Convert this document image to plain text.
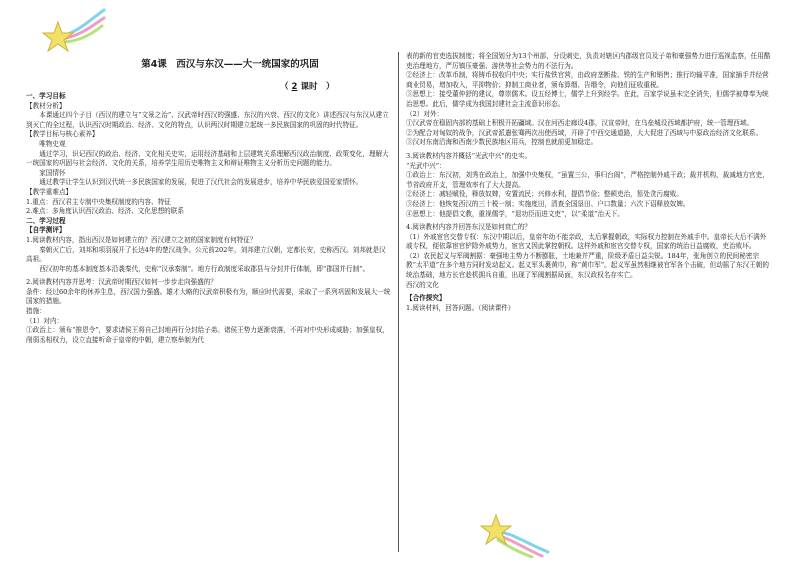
第4课　西汉与东汉——大一统国家的巩固
（ 2 课时　）

一、学习目标

【教材分析】

本课通过四个子目（西汉的建立与“文景之治”、汉武帝时西汉的强盛、东汉的兴衰、西汉的文化）讲述西汉与东汉从建立到灭亡的全过程，认识西汉时期政治、经济、文化的特点，认识两汉时期建立起统一多民族国家的巩固的时代特征。

【教学目标与核心素养】

唯物史观

通过学习，识记西汉的政治、经济、文化相关史实，运用经济基础和上层建筑关系理解西汉政治制度、政策变化，理解大一统国家的巩固与社会经济、文化的关系，培养学生用历史唯物主义和辩证唯物主义分析历史问题的能力。

家国情怀

通过教学让学生认识到汉代统一多民族国家的发展，促进了汉代社会的发展进步，培养中华民族爱国爱家情怀。

【教学重难点】

1.重点：西汉君主专制中央集权制度的内容、特征

2.难点：多角度认识西汉政治、经济、文化思想的联系

二、学习过程

【自学测评】

1.阅读教材内容，指出西汉是如何建立的？西汉建立之初的国家制度有何特征？

秦朝灭亡后，刘邦和项羽展开了长达4年的楚汉战争。公元前202年，刘邦建立汉朝，定都长安，史称西汉。刘邦就是汉高祖。

西汉初年的基本制度基本沿袭秦代，史称“汉承秦制”。地方行政制度采取郡县与分封并行体制，即“郡国并行制”。

2.阅读教材内容并思考：汉武帝时期西汉如何一步步走向强盛的？

条件：经过60余年的休养生息，西汉国力强盛。雄才大略的汉武帝积极有为，顺应时代需要，采取了一系列巩固和发展大一统国家的措施。

措施：

（1）对内：

①政治上：颁布“推恩令”，要求诸侯王将自己封地再行分封给子弟。诸侯王势力逐渐衰落，不再对中央形成威胁；加强皇权，削弱丞相权力，设立直接听命于皇帝的中朝，建立察举制为代

表的新的官吏选拔制度；将全国划分为13个州部，分设刺史，负责对辖区内郡级官员及子弟和豪强势力进行巡视监察，任用酷吏治理地方，严厉镇压豪强、游侠等社会势力的不法行为。

②经济上：改革币制，将铸币权收归中央；实行盐铁官营，由政府垄断盐、铁的生产和销售；推行均输平准，国家插手并经营商业贸易，增加收入，平抑物价；抑制工商业者，颁布算缗、告缗令，向他们征收重税。

③思想上：接受董仲舒的建议，尊崇儒术。设五经博士，儒学上升到经学。在此，百家学说虽未完全消失，但儒学被尊奉为统治思想。此后，儒学成为我国封建社会主流意识形态。

（2）对外：

①汉武帝在稳固内部的基础上积极开拓疆域。汉在河西走廊设4郡，汉宣帝时，在乌垒城设西域都护府，统一管理西域。

②为配合对匈奴的战争，汉武帝派遣张骞两次出使西域，开辟了中西交通道路，大大促进了西域与中原政治经济文化联系。

③汉对东南沿海和西南少数民族地区用兵，控制也就前更加稳定。

3.阅读教材内容并概括“光武中兴”的史实。

“光武中兴”：

①政治上：东汉初，刘秀在政治上，加强中央集权，“虽置三公，事归台阁”，严格控制外戚干政；裁并机构，裁减地方官吏，节省政府开支，管理效率有了大大提高。

②经济上：减轻赋役，释放奴婢，安置流民；兴修水利，提倡节俭；整顿吏治，惩处贪污腐败。

③经济上：他恢复西汉的三十税一制；实施度田，清查全国垦田、户口数量；六次下诏释放奴婢。

④思想上：他提倡文教，重视儒学，“退功臣而进文吏”，以“柔道”治天下。

4.阅读教材内容并回答东汉是如何衰亡的？

（1）外戚宦官交替专权：东汉中期以后，皇帝年幼不能亲政，太后掌握朝政，实际权力控制在外戚手中。皇帝长大后不满外戚专权，便依靠宦官铲除外戚势力，宦官又因此掌控朝权。这样外戚和宦官交替专权，国家的统治日益腐败，吏治败坏。

（2）农民起义与军阀割据：豪强地主势力不断膨胀，土地兼并严重，阶级矛盾日益尖锐。184年，张角创立的民间秘密宗教“太平道”在多个地方同时发动起义。起义军头裹黄巾，称“黄巾军”。起义军虽然相继被官军各个击破，但动摇了东汉王朝的统治基础，地方长官趁机拥兵自重，出现了军阀割据局面，东汉政权名存实亡。

西汉的文化

【合作探究】

1.阅读材料，回答问题。（阅读课件）
